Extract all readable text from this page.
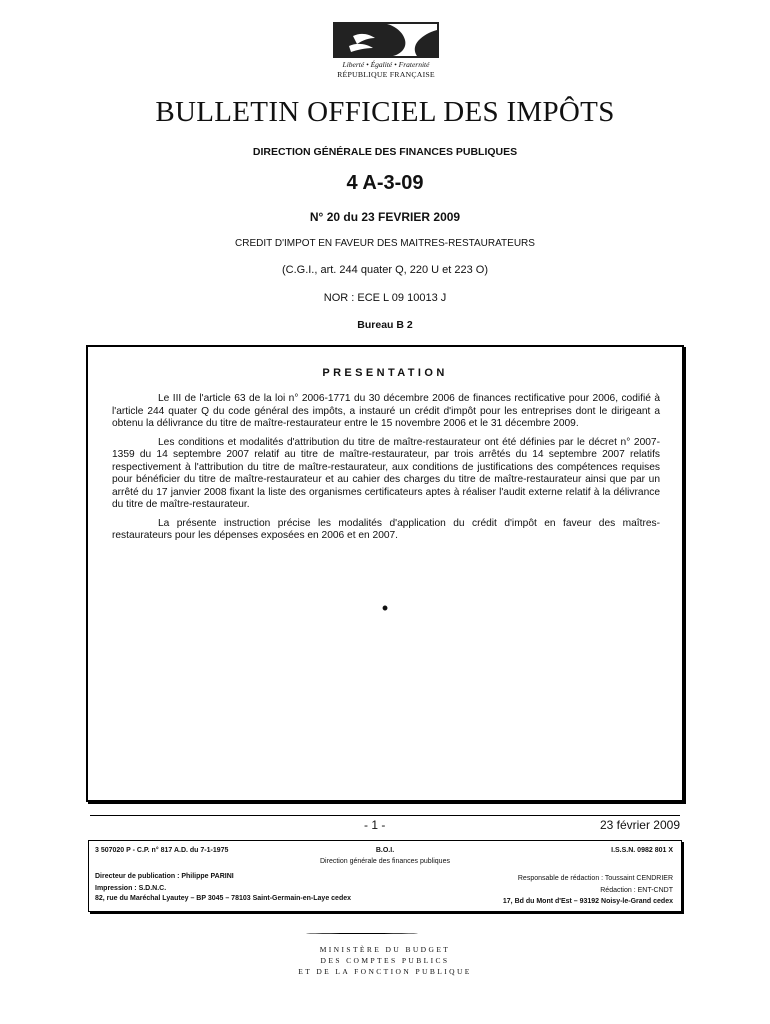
Liberté • Égalité • Fraternité
RÉPUBLIQUE FRANÇAISE
BULLETIN OFFICIEL DES IMPÔTS
DIRECTION GÉNÉRALE DES FINANCES PUBLIQUES
4 A-3-09
N° 20 du 23 FEVRIER 2009
CREDIT D'IMPOT EN FAVEUR DES MAITRES-RESTAURATEURS
(C.G.I., art. 244 quater Q, 220 U et 223 O)
NOR : ECE L 09 10013 J
Bureau B 2
PRESENTATION

Le III de l'article 63 de la loi n° 2006-1771 du 30 décembre 2006 de finances rectificative pour 2006, codifié à l'article 244 quater Q du code général des impôts, a instauré un crédit d'impôt pour les entreprises dont le dirigeant a obtenu la délivrance du titre de maître-restaurateur entre le 15 novembre 2006 et le 31 décembre 2009.

Les conditions et modalités d'attribution du titre de maître-restaurateur ont été définies par le décret n° 2007-1359 du 14 septembre 2007 relatif au titre de maître-restaurateur, par trois arrêtés du 14 septembre 2007 relatifs respectivement à l'attribution du titre de maître-restaurateur, aux conditions de justifications des compétences requises pour bénéficier du titre de maître-restaurateur et au cahier des charges du titre de maître-restaurateur ainsi que par un arrêté du 17 janvier 2008 fixant la liste des organismes certificateurs aptes à réaliser l'audit externe relatif à la délivrance du titre de maître-restaurateur.

La présente instruction précise les modalités d'application du crédit d'impôt en faveur des maîtres-restaurateurs pour les dépenses exposées en 2006 et en 2007.

•
- 1 -	23 février 2009
3 507020 P - C.P. n° 817 A.D. du 7-1-1975	B.O.I.	I.S.S.N. 0982 801 X
Direction générale des finances publiques
Directeur de publication : Philippe PARINI	Responsable de rédaction : Toussaint CENDRIER
Impression : S.D.N.C.	Rédaction : ENT-CNDT
82, rue du Maréchal Lyautey – BP 3045 – 78103 Saint-Germain-en-Laye cedex	17, Bd du Mont d'Est – 93192 Noisy-le-Grand cedex
MINISTÈRE DU BUDGET
DES COMPTES PUBLICS
ET DE LA FONCTION PUBLIQUE
